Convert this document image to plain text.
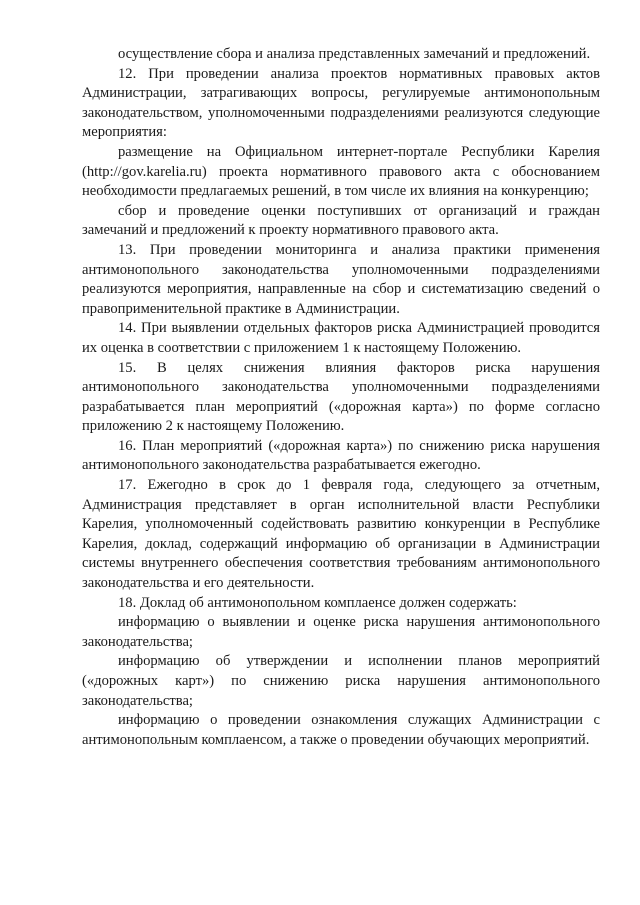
осуществление сбора и анализа представленных замечаний и предложений.

12. При проведении анализа проектов нормативных правовых актов Администрации, затрагивающих вопросы, регулируемые антимонопольным законодательством, уполномоченными подразделениями реализуются следующие мероприятия:

размещение на Официальном интернет-портале Республики Карелия (http://gov.karelia.ru) проекта нормативного правового акта с обоснованием необходимости предлагаемых решений, в том числе их влияния на конкуренцию;

сбор и проведение оценки поступивших от организаций и граждан замечаний и предложений к проекту нормативного правового акта.

13. При проведении мониторинга и анализа практики применения антимонопольного законодательства уполномоченными подразделениями реализуются мероприятия, направленные на сбор и систематизацию сведений о правоприменительной практике в Администрации.

14. При выявлении отдельных факторов риска Администрацией проводится их оценка в соответствии с приложением 1 к настоящему Положению.

15. В целях снижения влияния факторов риска нарушения антимонопольного законодательства уполномоченными подразделениями разрабатывается план мероприятий («дорожная карта») по форме согласно приложению 2 к настоящему Положению.

16. План мероприятий («дорожная карта») по снижению риска нарушения антимонопольного законодательства разрабатывается ежегодно.

17. Ежегодно в срок до 1 февраля года, следующего за отчетным, Администрация представляет в орган исполнительной власти Республики Карелия, уполномоченный содействовать развитию конкуренции в Республике Карелия, доклад, содержащий информацию об организации в Администрации системы внутреннего обеспечения соответствия требованиям антимонопольного законодательства и его деятельности.

18. Доклад об антимонопольном комплаенсе должен содержать:

информацию о выявлении и оценке риска нарушения антимонопольного законодательства;

информацию об утверждении и исполнении планов мероприятий («дорожных карт») по снижению риска нарушения антимонопольного законодательства;

информацию о проведении ознакомления служащих Администрации с антимонопольным комплаенсом, а также о проведении обучающих мероприятий.
